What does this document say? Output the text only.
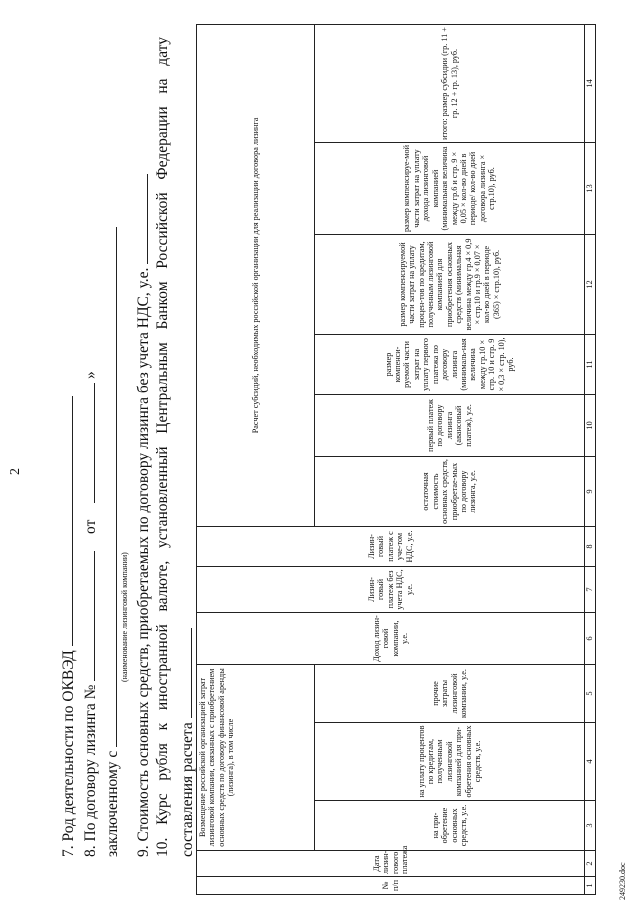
2
7. Род деятельности по ОКВЭД 8. По договору лизинга №  от  »
заключенному с
(наименование лизинговой компании) 9. Стоимость основных средств, приобретаемых по договору лизинга без учета НДС, у.е. 10. Курс рубля к иностранной валюте, установленный Центральным Банком Российской Федерации на дату составления расчета
№ п/п	Дата лизин-гового платежа	Возмещение российской организацией затрат лизинговой компании, связанных с приобретением основных средств по договору финансовой аренды (лизинга), в том числе			Доход лизин-говой компании, у.е.	Лизин-говый платеж без учета НДС, у.е.	Лизин-говый платеж с уче-том НДС, у.е.	Расчет субсидий, необходимых российской организации для реализации договора лизинга					
		на при-обретение основных средств, у.е.	на уплату процентов по кредитам, полученным лизинговой компанией для при-обретения основных средств, у.е.	прочие затраты лизинговой компании, у.е.				остаточная стоимость основных средств, приобретае-мых по договору лизинга, у.е.	первый платеж по договору лизинга (авансовый платеж), у.е.	размер компенси-руемой части затрат на уплату первого платежа по договору лизинга (минималь-ная величина между гр.10 × стр. 10 и стр. 9 × 0,3 × стр. 10), руб.	размер компенсируемой части затрат на уплату процен-тов по кредитам, полученным лизинговой компанией для приобретения основных средств (минимальная величина между гр.4 × 0,9 × стр.10 и гр.9 × 0,07 × кол-во дней в периоде (365) × стр.10), руб.	размер компенсируе-мой части затрат на уплату дохода лизинговой компанией (минимальная величина между гр.6 и стр. 9 × 0,05 × кол-во дней в периоде/ кол-во дней договора лизинга × стр.10), руб.	итого: размер субсидии (гр. 11 + гр. 12 + гр. 13), руб.
1	2	3	4	5	6	7	8	9	10	11	12	13	14
249230.doc
